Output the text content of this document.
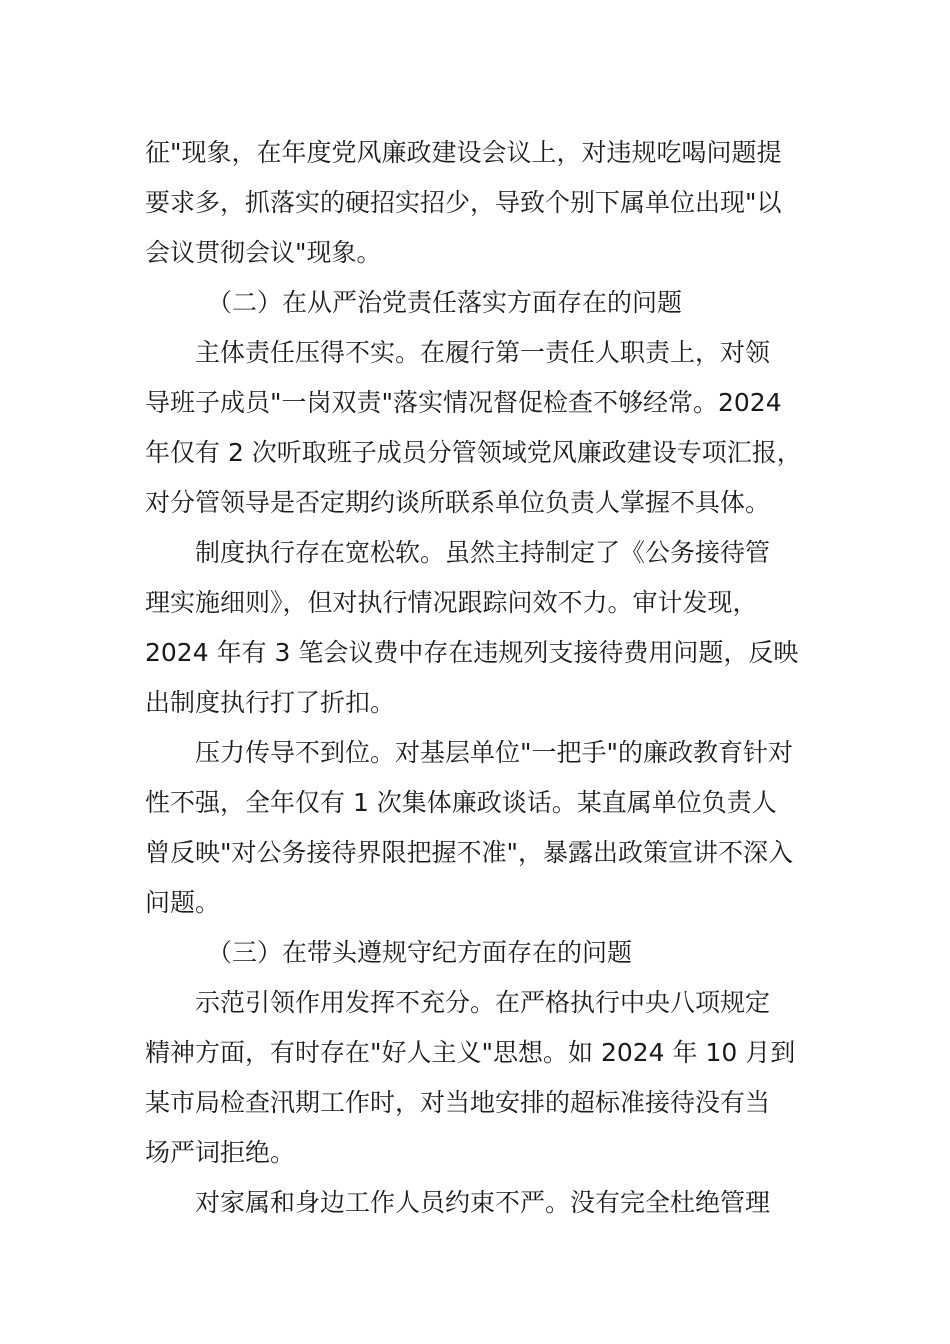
征"现象，在年度党风廉政建设会议上，对违规吃喝问题提
要求多，抓落实的硬招实招少，导致个别下属单位出现"以
会议贯彻会议"现象。
（二）在从严治党责任落实方面存在的问题
主体责任压得不实。在履行第一责任人职责上，对领
导班子成员"一岗双责"落实情况督促检查不够经常。2024
年仅有 2 次听取班子成员分管领域党风廉政建设专项汇报，
对分管领导是否定期约谈所联系单位负责人掌握不具体。
制度执行存在宽松软。虽然主持制定了《公务接待管
理实施细则》，但对执行情况跟踪问效不力。审计发现，
2024 年有 3 笔会议费中存在违规列支接待费用问题，反映
出制度执行打了折扣。
压力传导不到位。对基层单位"一把手"的廉政教育针对
性不强，全年仅有 1 次集体廉政谈话。某直属单位负责人
曾反映"对公务接待界限把握不准"，暴露出政策宣讲不深入
问题。
（三）在带头遵规守纪方面存在的问题
示范引领作用发挥不充分。在严格执行中央八项规定
精神方面，有时存在"好人主义"思想。如 2024 年 10 月到
某市局检查汛期工作时，对当地安排的超标准接待没有当
场严词拒绝。
对家属和身边工作人员约束不严。没有完全杜绝管理
